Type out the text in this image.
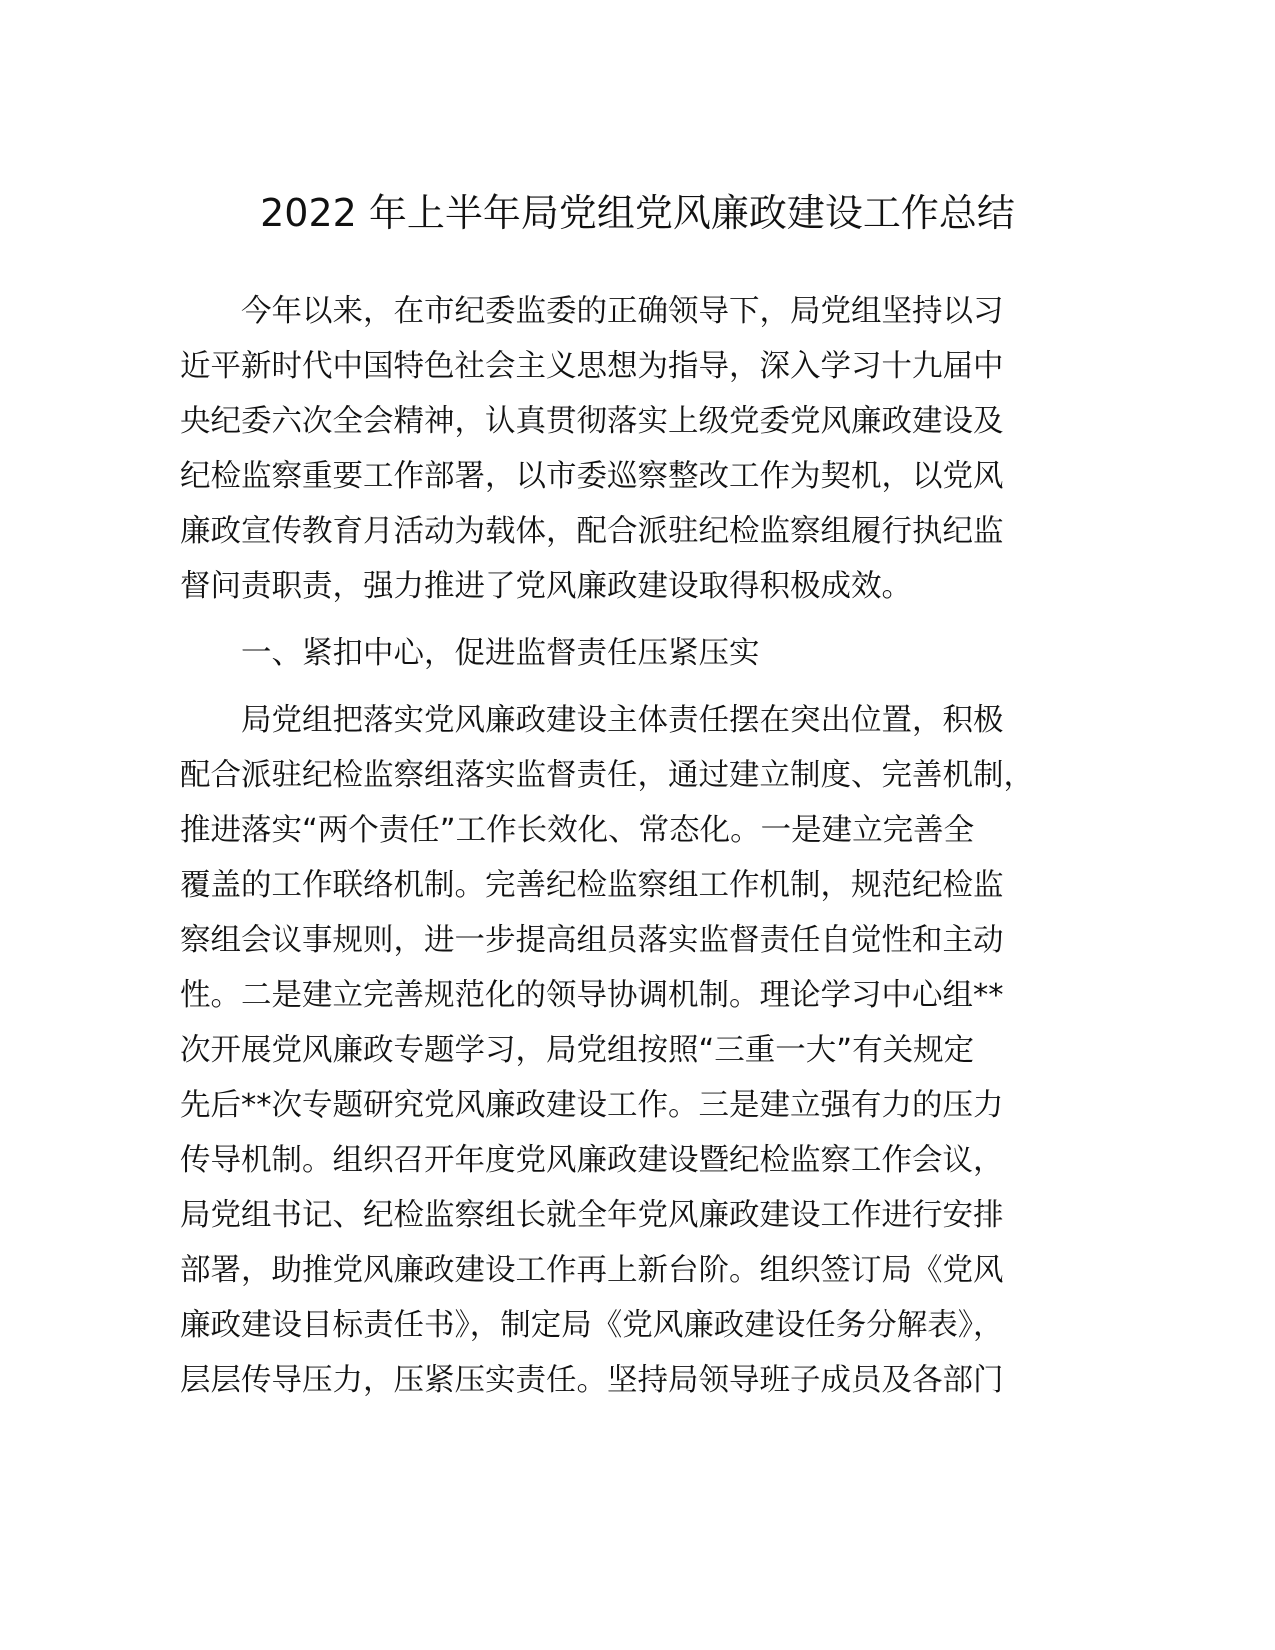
2022 年上半年局党组党风廉政建设工作总结
今年以来，在市纪委监委的正确领导下，局党组坚持以习
近平新时代中国特色社会主义思想为指导，深入学习十九届中
央纪委六次全会精神，认真贯彻落实上级党委党风廉政建设及
纪检监察重要工作部署，以市委巡察整改工作为契机，以党风
廉政宣传教育月活动为载体，配合派驻纪检监察组履行执纪监
督问责职责，强力推进了党风廉政建设取得积极成效。
一、紧扣中心，促进监督责任压紧压实
局党组把落实党风廉政建设主体责任摆在突出位置，积极
配合派驻纪检监察组落实监督责任，通过建立制度、完善机制，
推进落实“两个责任”工作长效化、常态化。一是建立完善全
覆盖的工作联络机制。完善纪检监察组工作机制，规范纪检监
察组会议事规则，进一步提高组员落实监督责任自觉性和主动
性。二是建立完善规范化的领导协调机制。理论学习中心组**
次开展党风廉政专题学习，局党组按照“三重一大”有关规定
先后**次专题研究党风廉政建设工作。三是建立强有力的压力
传导机制。组织召开年度党风廉政建设暨纪检监察工作会议，
局党组书记、纪检监察组长就全年党风廉政建设工作进行安排
部署，助推党风廉政建设工作再上新台阶。组织签订局《党风
廉政建设目标责任书》，制定局《党风廉政建设任务分解表》，
层层传导压力，压紧压实责任。坚持局领导班子成员及各部门
